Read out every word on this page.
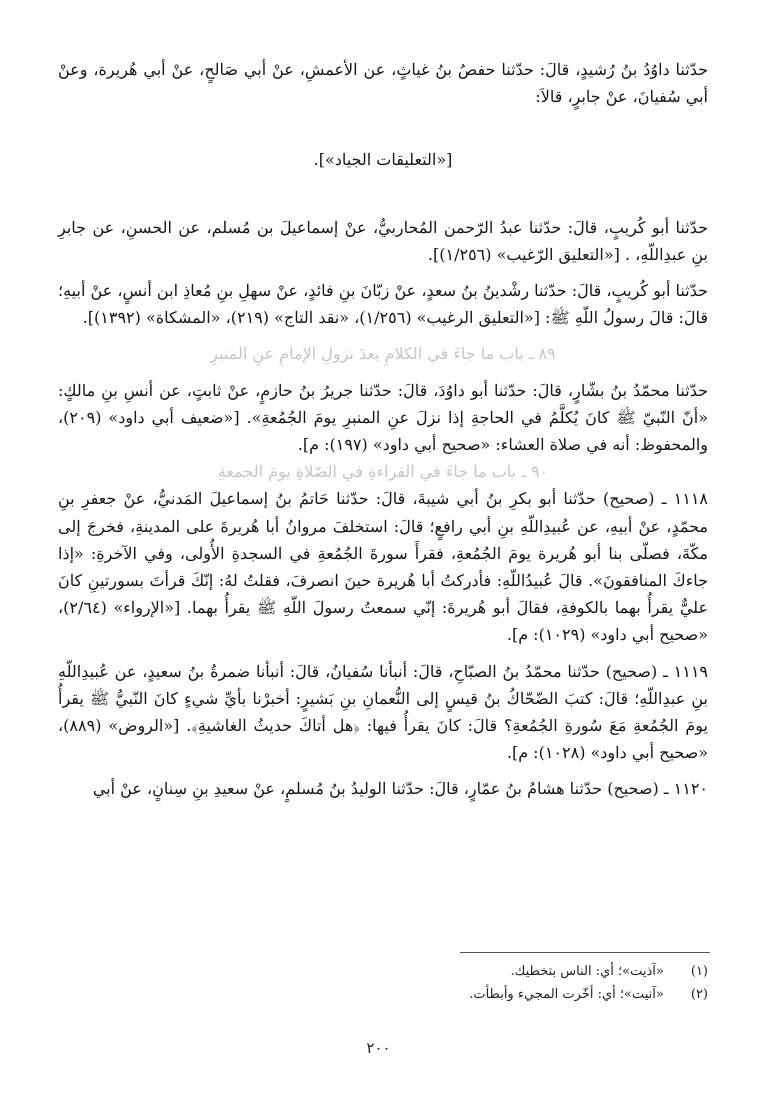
حدّثنا داوُدُ بنُ رُشيدٍ، قالَ: حدّثنا حفصُ بنُ غياثٍ، عن الأعمشِ، عنْ أبي صَالحٍ، عنْ أبي هُريرة، وعنْ أبي سُفيانَ، عنْ جابرٍ، قالاَ:

[«التعليقات الجياد»].

حدّثنا أبو كُريبٍ، قالَ: حدّثنا عبدُ الرّحمن المُحاربيُّ، عنْ إسماعيلَ بن مُسلم، عن الحسنِ، عن جابرِ بنِ عبدِاللّهِ، . [«التعليق الرّغيب» (١/٢٥٦)].

حدّثنا أبو كُريبٍ، قالَ: حدّثنا رشْدينُ بنُ سعدٍ، عنْ زبّانَ بنِ فائدٍ، عنْ سهلِ بنِ مُعاذِ ابن أنسٍ، عنْ أبيهِ؛ قالَ: قالَ رسولُ اللّهِ ﷺ: [«التعليق الرغيب» (١/٢٥٦)، «نقد التاج» (٢١٩)، «المشكاة» (١٣٩٢)].

٨٩ ـ باب ما جاءَ في الكلامِ بعدَ نزولِ الإمامِ عنِ المنبرِ

حدّثنا محمّدُ بنُ بشّارٍ، قالَ: حدّثنا أبو داوُدَ، قالَ: حدّثنا جريرُ بنُ حازمٍ، عنْ ثابتٍ، عن أنسِ بنِ مالكٍ: «أنّ النّبيّ ﷺ كانَ يُكلَّمُ في الحاجةِ إذا نزلَ عنِ المنبرِ يومَ الجُمُعةِ». [«ضعيف أبي داود» (٢٠٩)، والمحفوظ: أنه في صلاة العشاء: «صحيح أبي داود» (١٩٧): م].

٩٠ ـ باب ما جاءَ في القراءةِ في الصّلاةِ يومَ الجمعةِ

١١١٨ ـ (صحيح) حدّثنا أبو بكرِ بنُ أبي شيبةَ، قالَ: حدّثنا حَاتمُ بنُ إسماعيلَ المَدنيُّ، عنْ جعفرِ بنِ محمّدٍ، عنْ أبيهِ، عن عُبيدِاللّهِ بنِ أبي رافعٍ؛ قالَ: استخلفَ مروانُ أبا هُريرةَ على المدينةِ، فخرجَ إلى مكّةَ، فصلّى بنا أبو هُريرة يومَ الجُمُعةِ، فقرأَ سورةَ الجُمُعةِ في السجدةِ الأُولى، وفي الآخرةِ: «إذا جاءكَ المنافقونَ». قالَ عُبيدُاللّهِ: فأدركتُ أبا هُريرة حينَ انصرفَ، فقلتُ لهُ: إنّكَ قرأتَ بسورتينِ كانَ عليٌّ يقرأُ بهما بالكوفةِ، فقالَ أبو هُريرةَ: إنّي سمعتُ رسولَ اللّهِ ﷺ يقرأُ بهما. [«الإرواء» (٢/٦٤)، «صحيح أبي داود» (١٠٢٩): م].

١١١٩ ـ (صحيح) حدّثنا محمّدُ بنُ الصبّاحِ، قالَ: أنبأنا سُفيانُ، قالَ: أنبأنا ضمرةُ بنُ سعيدٍ، عن عُبيدِاللّهِ بنِ عبدِاللّهِ؛ قالَ: كتبَ الضّحّاكُ بنُ قيسٍ إلى النُّعمانِ بنِ بَشيرٍ: أخبرْنا بأيِّ شيءٍ كانَ النّبيُّ ﷺ يقرأُ يومَ الجُمُعةِ مَعَ سُورةِ الجُمُعةِ؟ قالَ: كانَ يقرأُ فيها: ﴿هل أتاكَ حديثُ الغاشيةِ﴾. [«الروض» (٨٨٩)، «صحيح أبي داود» (١٠٢٨): م].

١١٢٠ ـ (صحيح) حدّثنا هشامُ بنُ عمّارٍ، قالَ: حدّثنا الوليدُ بنُ مُسلمٍ، عنْ سعيدِ بنِ سِنانٍ، عنْ أبي

(١) «آذيت»؛ أي: الناس بتخطيك.

(٢) «آنيت»؛ أي: أخّرت المجيء وأبطأت.

٢٠٠
